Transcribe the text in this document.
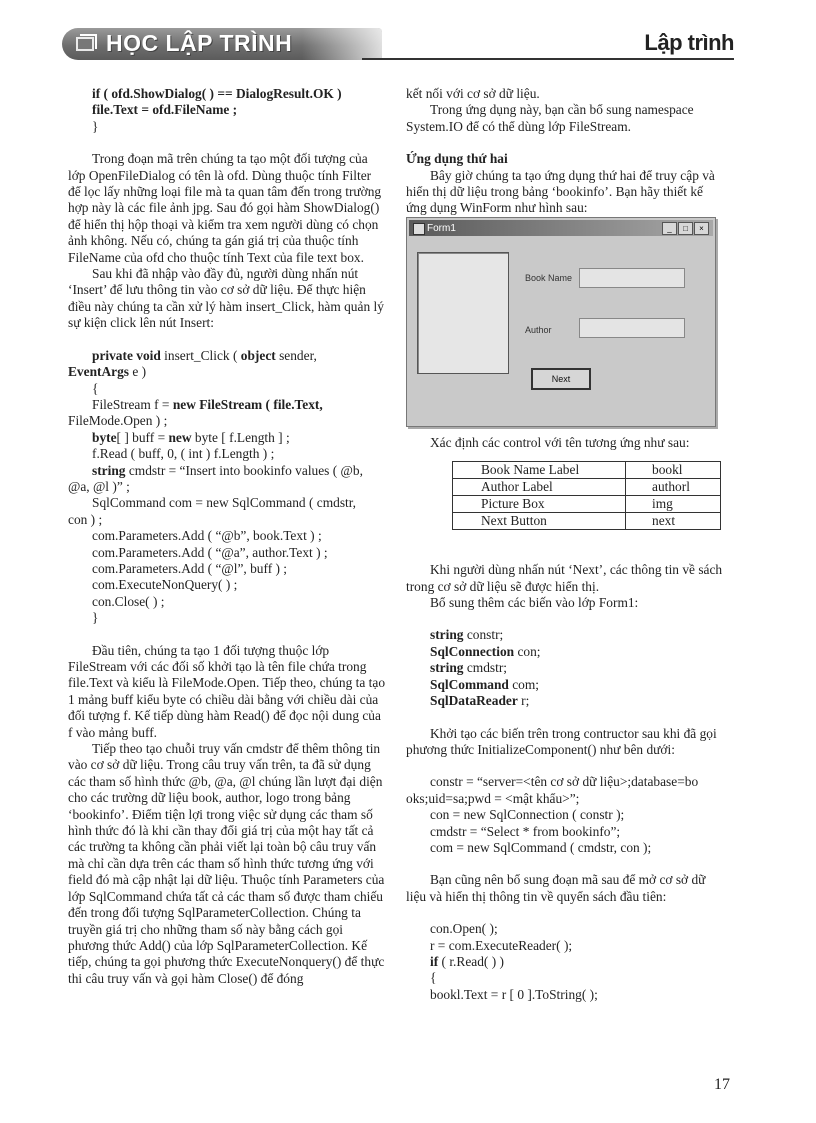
HỌC LẬP TRÌNH	Lập trình
if ( ofd.ShowDialog( ) == DialogResult.OK )
file.Text = ofd.FileName ;
}

Trong đoạn mã trên chúng ta tạo một đối tượng của lớp OpenFileDialog có tên là ofd. Dùng thuộc tính Filter để lọc lấy những loại file mà ta quan tâm đến trong trường hợp này là các file ảnh jpg. Sau đó gọi hàm ShowDialog() để hiển thị hộp thoại và kiểm tra xem người dùng có chọn ảnh không. Nếu có, chúng ta gán giá trị của thuộc tính FileName của ofd cho thuộc tính Text của file text box.

Sau khi đã nhập vào đầy đủ, người dùng nhấn nút ‘Insert’ để lưu thông tin vào cơ sở dữ liệu. Để thực hiện điều này chúng ta cần xử lý hàm insert_Click, hàm quản lý sự kiện click lên nút Insert:

private void insert_Click ( object sender,
EventArgs e )
{
FileStream f = new FileStream ( file.Text,
FileMode.Open ) ;
byte[ ] buff = new byte [ f.Length ] ;
f.Read ( buff, 0, ( int ) f.Length ) ;
string cmdstr = “Insert into bookinfo values ( @b,
@a, @l )” ;
SqlCommand com = new SqlCommand ( cmdstr,
con ) ;
com.Parameters.Add ( “@b”, book.Text ) ;
com.Parameters.Add ( “@a”, author.Text ) ;
com.Parameters.Add ( “@l”, buff ) ;
com.ExecuteNonQuery( ) ;
con.Close( ) ;
}

Đầu tiên, chúng ta tạo 1 đối tượng thuộc lớp FileStream với các đối số khởi tạo là tên file chứa trong file.Text và kiểu là FileMode.Open. Tiếp theo, chúng ta tạo 1 mảng buff kiểu byte có chiều dài bằng với chiều dài của đối tượng f. Kế tiếp dùng hàm Read() để đọc nội dung của f vào mảng buff.

Tiếp theo tạo chuỗi truy vấn cmdstr để thêm thông tin vào cơ sở dữ liệu. Trong câu truy vấn trên, ta đã sử dụng các tham số hình thức @b, @a, @l chúng lần lượt đại diện cho các trường dữ liệu book, author, logo trong bảng ‘bookinfo’. Điểm tiện lợi trong việc sử dụng các tham số hình thức đó là khi cần thay đổi giá trị của một hay tất cả các trường ta không cần phải viết lại toàn bộ câu truy vấn mà chỉ cần dựa trên các tham số hình thức tương ứng với field đó mà cập nhật lại dữ liệu. Thuộc tính Parameters của lớp SqlCommand chứa tất cả các tham số được tham chiếu đến trong đối tượng SqlParameterCollection. Chúng ta truyền giá trị cho những tham số này bằng cách gọi phương thức Add() của lớp SqlParameterCollection. Kế tiếp, chúng ta gọi phương thức ExecuteNonquery() để thực thi câu truy vấn và gọi hàm Close() để đóng

kết nối với cơ sở dữ liệu.

Trong ứng dụng này, bạn cần bổ sung namespace System.IO để có thể dùng lớp FileStream.

Ứng dụng thứ hai

Bây giờ chúng ta tạo ứng dụng thứ hai để truy cập và hiển thị dữ liệu trong bảng ‘bookinfo’. Bạn hãy thiết kế ứng dụng WinForm như hình sau:

Form1	_ □ ×
Book Name
Author
Next

Xác định các control với tên tương ứng như sau:

Book Name Label	bookl
Author Label	authorl
Picture Box	img
Next Button	next

Khi người dùng nhấn nút ‘Next’, các thông tin về sách trong cơ sở dữ liệu sẽ được hiển thị.

Bổ sung thêm các biến vào lớp Form1:

string constr;
SqlConnection con;
string cmdstr;
SqlCommand com;
SqlDataReader r;

Khởi tạo các biến trên trong contructor sau khi đã gọi phương thức InitializeComponent() như bên dưới:

constr = “server=<tên cơ sở dữ liệu>;database=bo
oks;uid=sa;pwd = <mật khẩu>”;
con = new SqlConnection ( constr );
cmdstr = “Select * from bookinfo”;
com = new SqlCommand ( cmdstr, con );

Bạn cũng nên bổ sung đoạn mã sau để mở cơ sở dữ liệu và hiển thị thông tin về quyển sách đầu tiên:

con.Open( );
r = com.ExecuteReader( );
if ( r.Read( ) )
{
bookl.Text = r [ 0 ].ToString( );
17
